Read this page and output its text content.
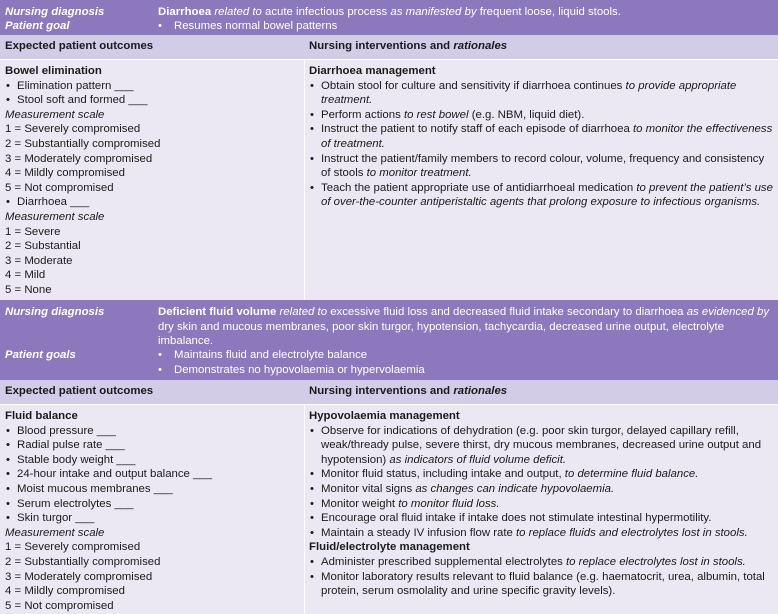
Nursing diagnosis
Patient goal
Diarrhoea related to acute infectious process as manifested by frequent loose, liquid stools.
• Resumes normal bowel patterns
Expected patient outcomes	Nursing interventions and rationales
Bowel elimination
• Elimination pattern ___
• Stool soft and formed ___
Measurement scale
1 = Severely compromised
2 = Substantially compromised
3 = Moderately compromised
4 = Mildly compromised
5 = Not compromised
• Diarrhoea ___
Measurement scale
1 = Severe
2 = Substantial
3 = Moderate
4 = Mild
5 = None
Diarrhoea management
• Obtain stool for culture and sensitivity if diarrhoea continues to provide appropriate treatment.
• Perform actions to rest bowel (e.g. NBM, liquid diet).
• Instruct the patient to notify staff of each episode of diarrhoea to monitor the effectiveness of treatment.
• Instruct the patient/family members to record colour, volume, frequency and consistency of stools to monitor treatment.
• Teach the patient appropriate use of antidiarrhoeal medication to prevent the patient’s use of over-the-counter antiperistaltic agents that prolong exposure to infectious organisms.
Nursing diagnosis	Deficient fluid volume related to excessive fluid loss and decreased fluid intake secondary to diarrhoea as evidenced by dry skin and mucous membranes, poor skin turgor, hypotension, tachycardia, decreased urine output, electrolyte imbalance.
Patient goals
•	Maintains fluid and electrolyte balance
• Demonstrates no hypovolaemia or hypervolaemia
Expected patient outcomes	Nursing interventions and rationales
Fluid balance
• Blood pressure ___
• Radial pulse rate ___
• Stable body weight ___
• 24-hour intake and output balance ___
• Moist mucous membranes ___
• Serum electrolytes ___
• Skin turgor ___
Measurement scale
1 = Severely compromised
2 = Substantially compromised
3 = Moderately compromised
4 = Mildly compromised
5 = Not compromised
Hypovolaemia management
• Observe for indications of dehydration (e.g. poor skin turgor, delayed capillary refill, weak/thready pulse, severe thirst, dry mucous membranes, decreased urine output and hypotension) as indicators of fluid volume deficit.
• Monitor fluid status, including intake and output, to determine fluid balance.
• Monitor vital signs as changes can indicate hypovolaemia.
• Monitor weight to monitor fluid loss.
• Encourage oral fluid intake if intake does not stimulate intestinal hypermotility.
• Maintain a steady IV infusion flow rate to replace fluids and electrolytes lost in stools.
Fluid/electrolyte management
• Administer prescribed supplemental electrolytes to replace electrolytes lost in stools.
• Monitor laboratory results relevant to fluid balance (e.g. haematocrit, urea, albumin, total protein, serum osmolality and urine specific gravity levels).
